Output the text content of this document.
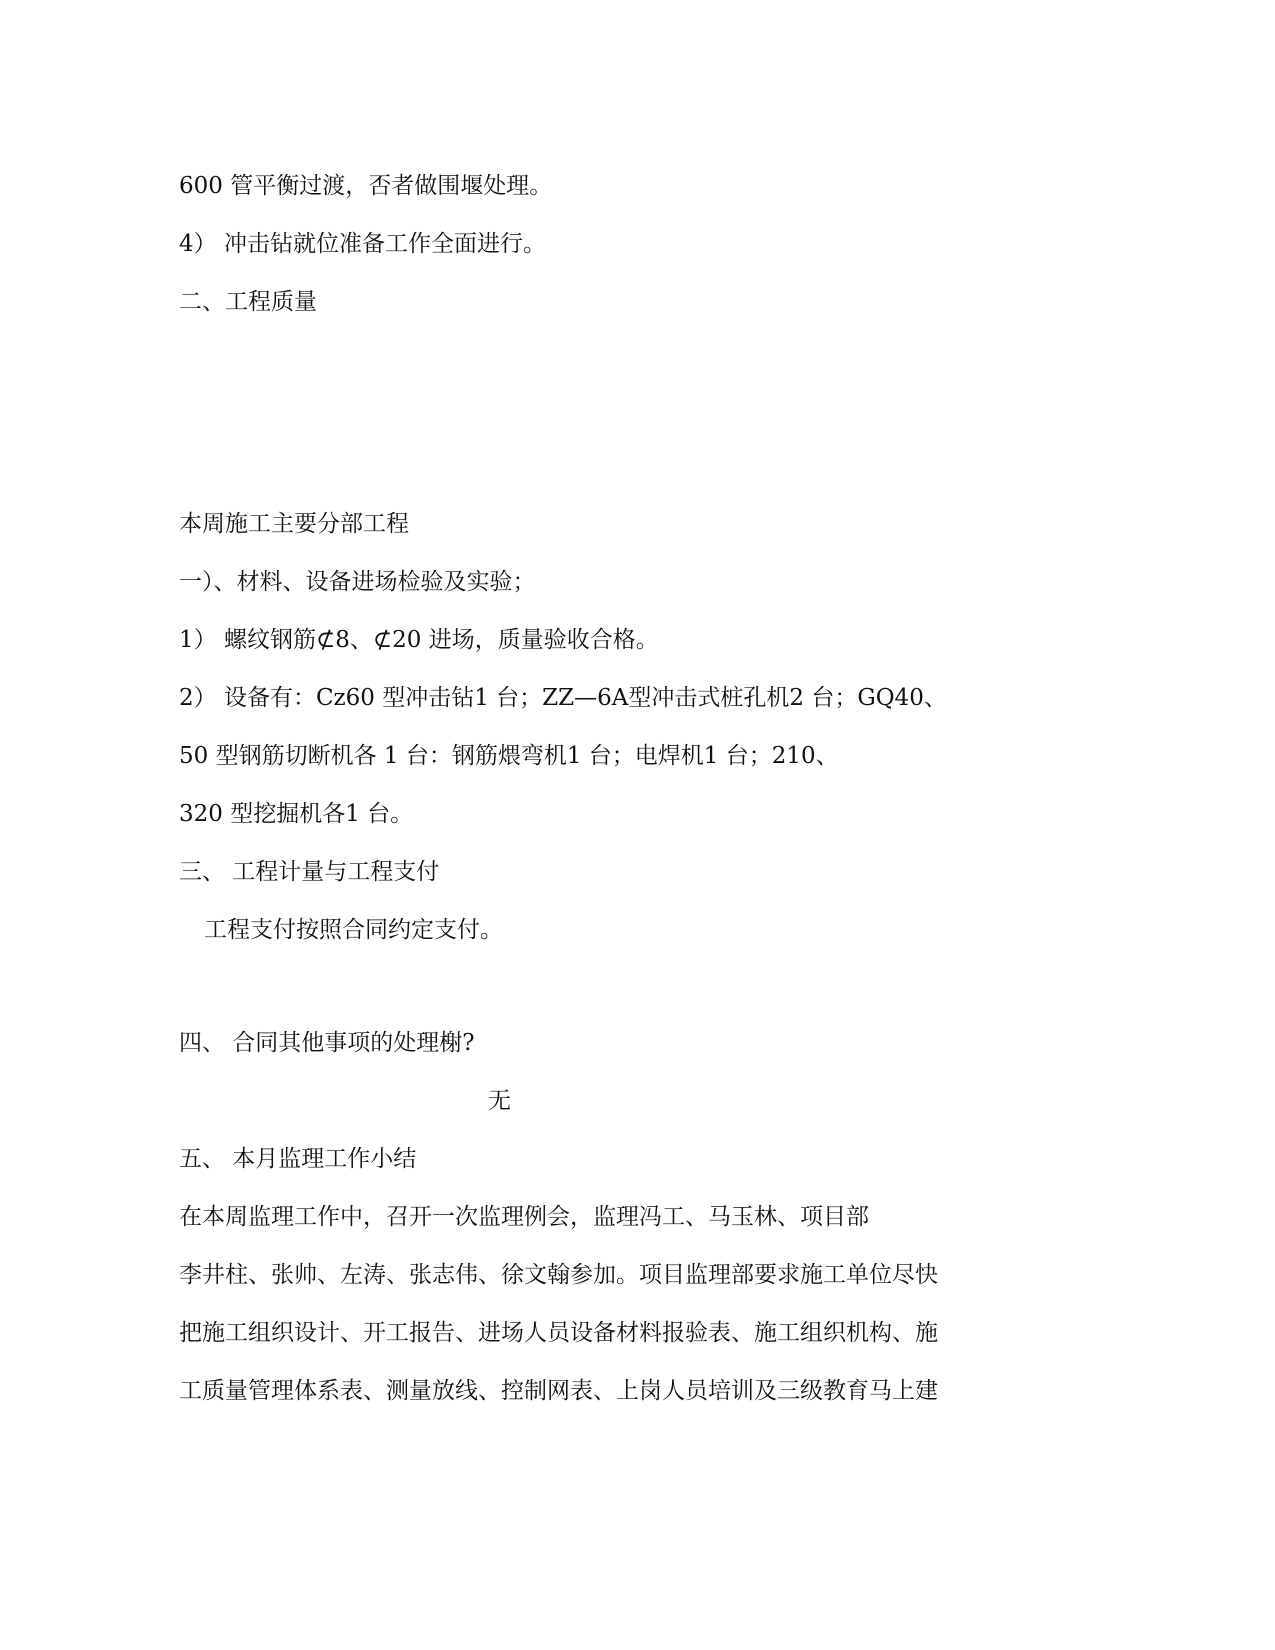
600 管平衡过渡，否者做围堰处理。
4） 冲击钻就位准备工作全面进行。
二、工程质量
本周施工主要分部工程
一）、材料、设备进场检验及实验；
1） 螺纹钢筋⊄8、⊄20 进场，质量验收合格。
2） 设备有：Cz60 型冲击钻1 台；ZZ—6A型冲击式桩孔机2 台；GQ40、
50 型钢筋切断机各 1 台：钢筋煨弯机1 台；电焊机1 台；210、
320 型挖掘机各1 台。
三、 工程计量与工程支付
工程支付按照合同约定支付。
四、 合同其他事项的处理榭?
无
五、 本月监理工作小结
在本周监理工作中，召开一次监理例会，监理冯工、马玉林、项目部
李井柱、张帅、左涛、张志伟、徐文翰参加。项目监理部要求施工单位尽快
把施工组织设计、开工报告、进场人员设备材料报验表、施工组织机构、施
工质量管理体系表、测量放线、控制网表、上岗人员培训及三级教育马上建
